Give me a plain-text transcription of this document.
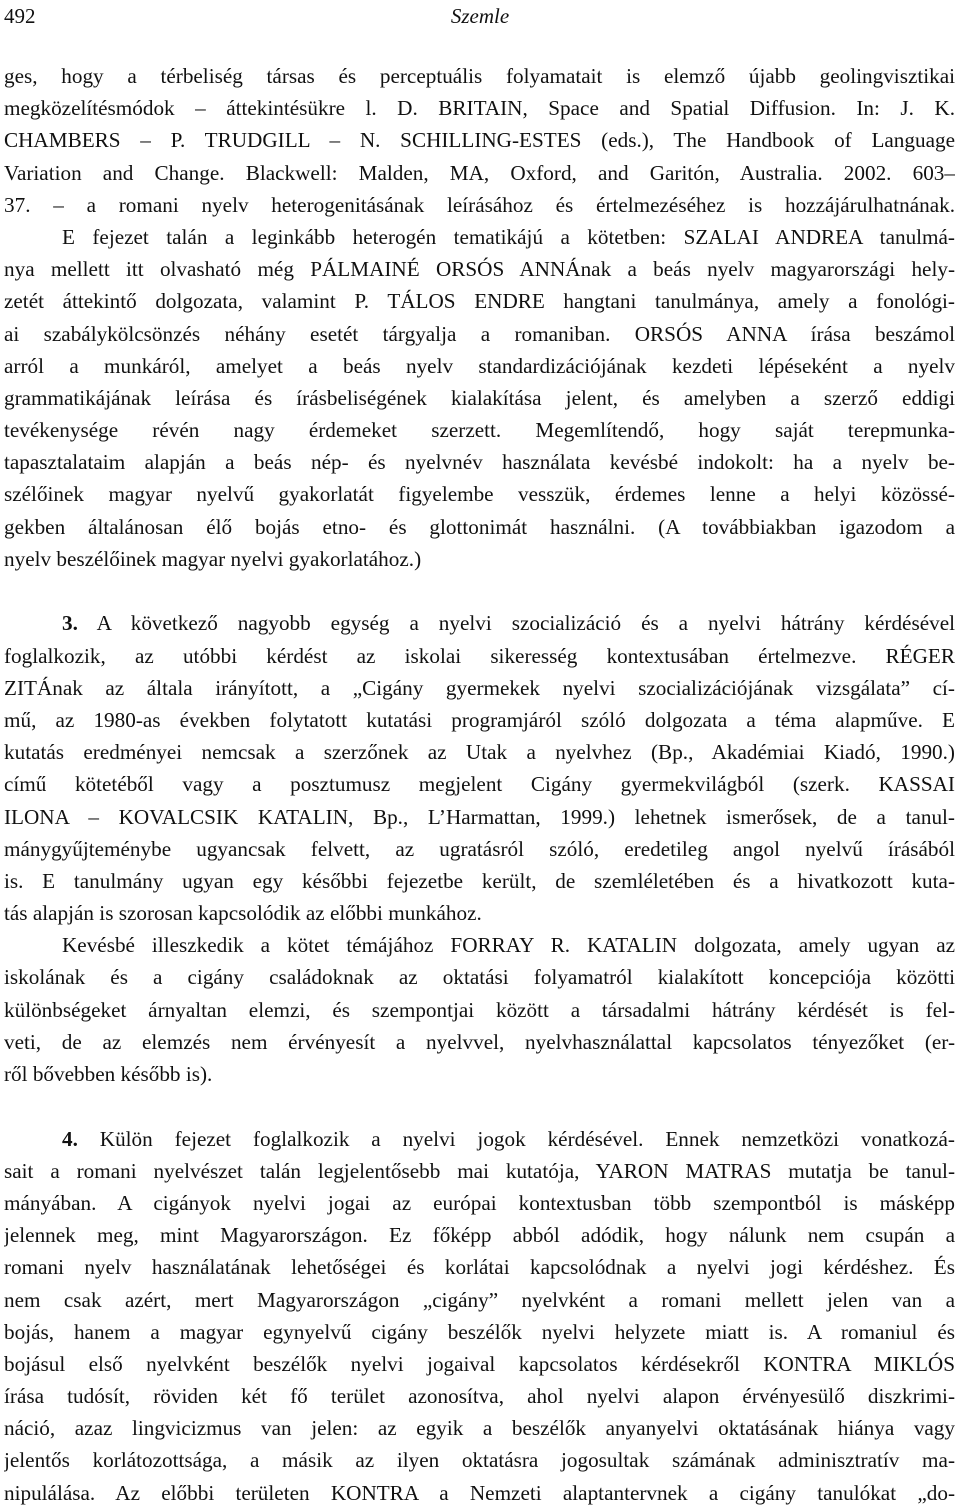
492	Szemle
ges, hogy a térbeliség társas és perceptuális folyamatait is elemző újabb geolingvisztikai
megközelítésmódok – áttekintésükre l. D. BRITAIN, Space and Spatial Diffusion. In: J. K.
CHAMBERS – P. TRUDGILL – N. SCHILLING-ESTES (eds.), The Handbook of Language
Variation and Change. Blackwell: Malden, MA, Oxford, and Garitón, Australia. 2002. 603–
37. – a romani nyelv heterogenitásának leírásához és értelmezéséhez is hozzájárulhatnának.
E fejezet talán a leginkább heterogén tematikájú a kötetben: SZALAI ANDREA tanulmá-
nya mellett itt olvasható még PÁLMAINÉ ORSÓS ANNÁnak a beás nyelv magyarországi hely-
zetét áttekintő dolgozata, valamint P. TÁLOS ENDRE hangtani tanulmánya, amely a fonológi-
ai szabálykölcsönzés néhány esetét tárgyalja a romaniban. ORSÓS ANNA írása beszámol
arról a munkáról, amelyet a beás nyelv standardizációjának kezdeti lépéseként a nyelv
grammatikájának leírása és írásbeliségének kialakítása jelent, és amelyben a szerző eddigi
tevékenysége révén nagy érdemeket szerzett. Megemlítendő, hogy saját terepmunka-
tapasztalataim alapján a beás nép- és nyelvnév használata kevésbé indokolt: ha a nyelv be-
szélőinek magyar nyelvű gyakorlatát figyelembe vesszük, érdemes lenne a helyi közössé-
gekben általánosan élő bojás etno- és glottonimát használni. (A továbbiakban igazodom a
nyelv beszélőinek magyar nyelvi gyakorlatához.)
3. A következő nagyobb egység a nyelvi szocializáció és a nyelvi hátrány kérdésével
foglalkozik, az utóbbi kérdést az iskolai sikeresség kontextusában értelmezve. RÉGER
ZITÁnak az általa irányított, a „Cigány gyermekek nyelvi szocializációjának vizsgálata” cí-
mű, az 1980-as években folytatott kutatási programjáról szóló dolgozata a téma alapműve. E
kutatás eredményei nemcsak a szerzőnek az Utak a nyelvhez (Bp., Akadémiai Kiadó, 1990.)
című kötetéből vagy a posztumusz megjelent Cigány gyermekvilágból (szerk. KASSAI
ILONA – KOVALCSIK KATALIN, Bp., L’Harmattan, 1999.) lehetnek ismerősek, de a tanul-
mánygyűjteménybe ugyancsak felvett, az ugratásról szóló, eredetileg angol nyelvű írásából
is. E tanulmány ugyan egy későbbi fejezetbe került, de szemléletében és a hivatkozott kuta-
tás alapján is szorosan kapcsolódik az előbbi munkához.
Kevésbé illeszkedik a kötet témájához FORRAY R. KATALIN dolgozata, amely ugyan az
iskolának és a cigány családoknak az oktatási folyamatról kialakított koncepciója közötti
különbségeket árnyaltan elemzi, és szempontjai között a társadalmi hátrány kérdését is fel-
veti, de az elemzés nem érvényesít a nyelvvel, nyelvhasználattal kapcsolatos tényezőket (er-
ről bővebben később is).
4. Külön fejezet foglalkozik a nyelvi jogok kérdésével. Ennek nemzetközi vonatkozá-
sait a romani nyelvészet talán legjelentősebb mai kutatója, YARON MATRAS mutatja be tanul-
mányában. A cigányok nyelvi jogai az európai kontextusban több szempontból is másképp
jelennek meg, mint Magyarországon. Ez főképp abból adódik, hogy nálunk nem csupán a
romani nyelv használatának lehetőségei és korlátai kapcsolódnak a nyelvi jogi kérdéshez. És
nem csak azért, mert Magyarországon „cigány” nyelvként a romani mellett jelen van a
bojás, hanem a magyar egynyelvű cigány beszélők nyelvi helyzete miatt is. A romaniul és
bojásul első nyelvként beszélők nyelvi jogaival kapcsolatos kérdésekről KONTRA MIKLÓS
írása tudósít, röviden két fő terület azonosítva, ahol nyelvi alapon érvényesülő diszkrimi-
náció, azaz lingvicizmus van jelen: az egyik a beszélők anyanyelvi oktatásának hiánya vagy
jelentős korlátozottsága, a másik az ilyen oktatásra jogosultak számának adminisztratív ma-
nipulálása. Az előbbi területen KONTRA a Nemzeti alaptantervnek a cigány tanulókat „do-
